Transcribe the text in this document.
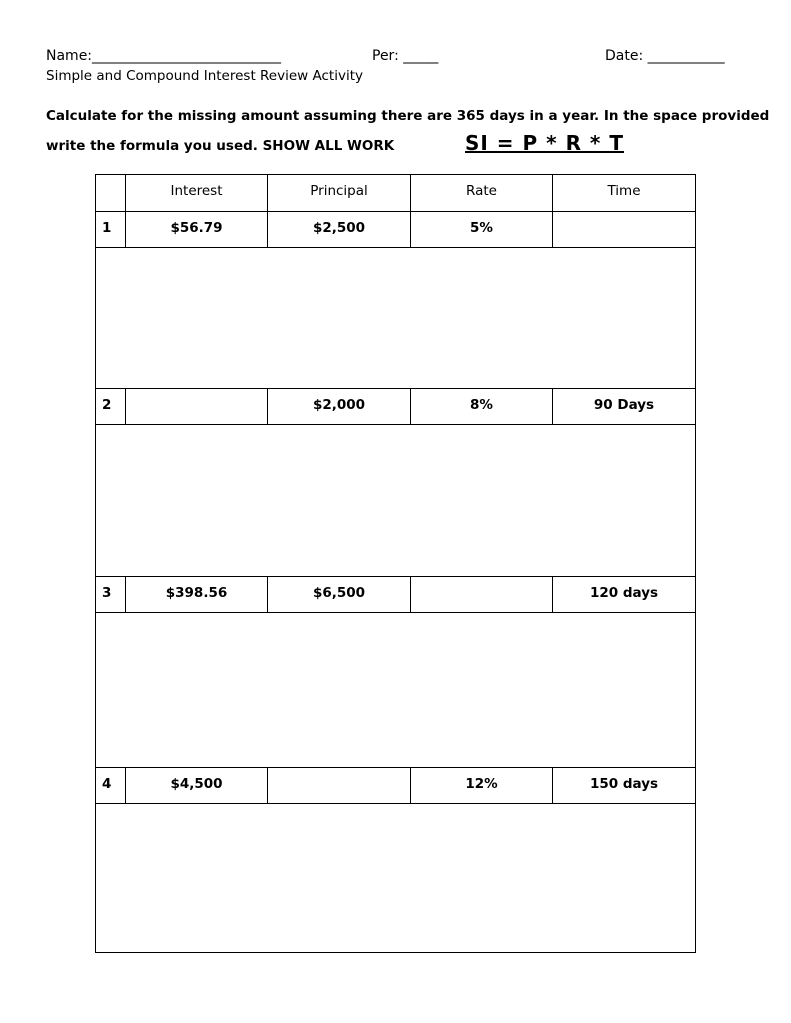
Name:___________________________	Per: _____	Date: ___________
Simple and Compound Interest Review Activity
Calculate for the missing amount assuming there are 365 days in a year. In the space provided
write the formula you used. SHOW ALL WORK	SI = P * R * T
	Interest	Principal	Rate	Time
1	$56.79	$2,500	5%	

2		$2,000	8%	90 Days

3	$398.56	$6,500		120 days

4	$4,500		12%	150 days
